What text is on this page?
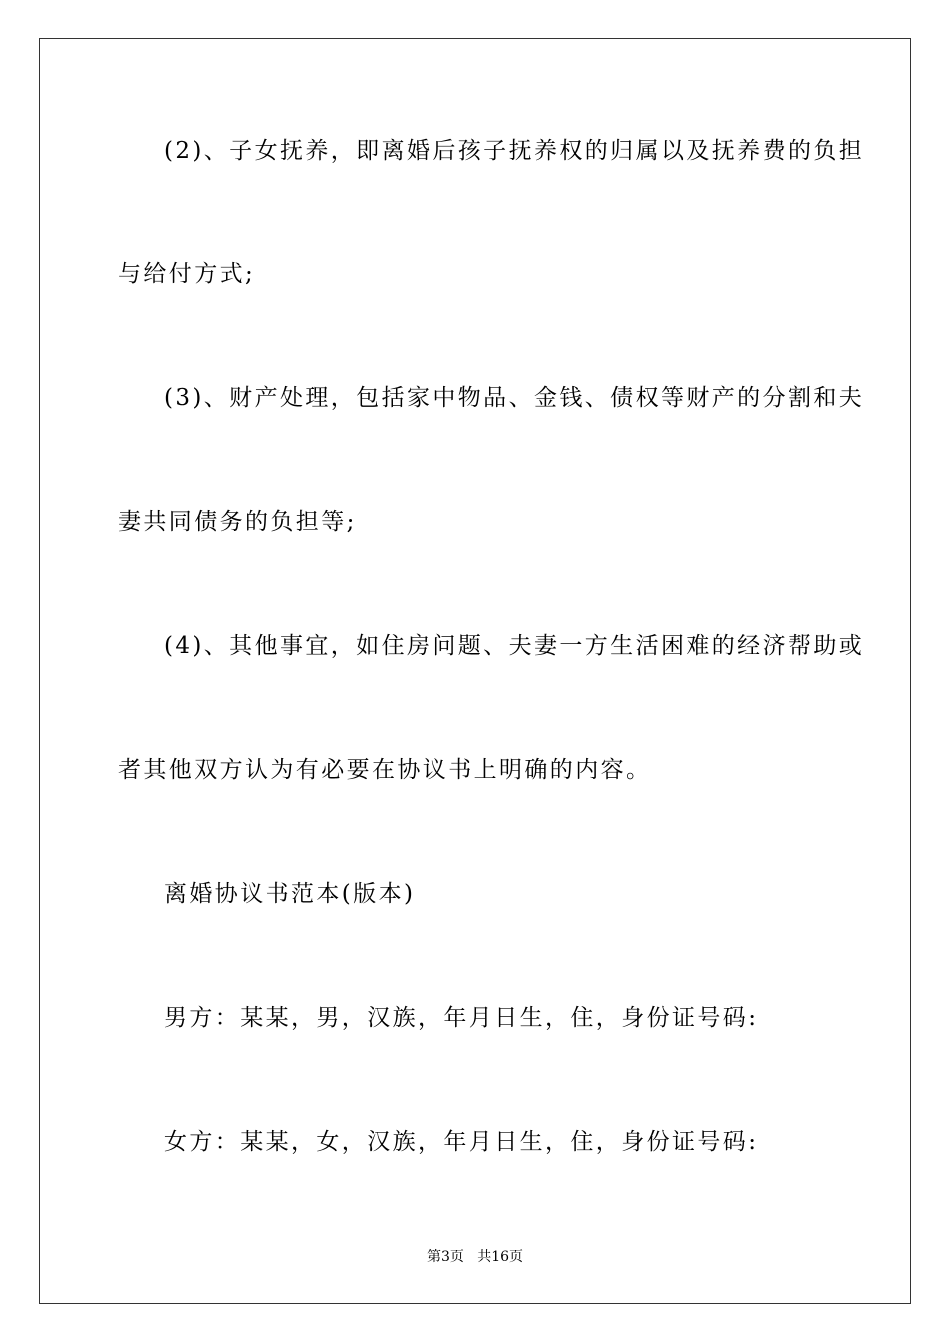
(2)、子女抚养，即离婚后孩子抚养权的归属以及抚养费的负担
与给付方式;
(3)、财产处理，包括家中物品、金钱、债权等财产的分割和夫
妻共同债务的负担等;
(4)、其他事宜，如住房问题、夫妻一方生活困难的经济帮助或
者其他双方认为有必要在协议书上明确的内容。
离婚协议书范本(版本)
男方：某某，男，汉族，年月日生，住，身份证号码:
女方：某某，女，汉族，年月日生，住，身份证号码:
第3页   共16页
